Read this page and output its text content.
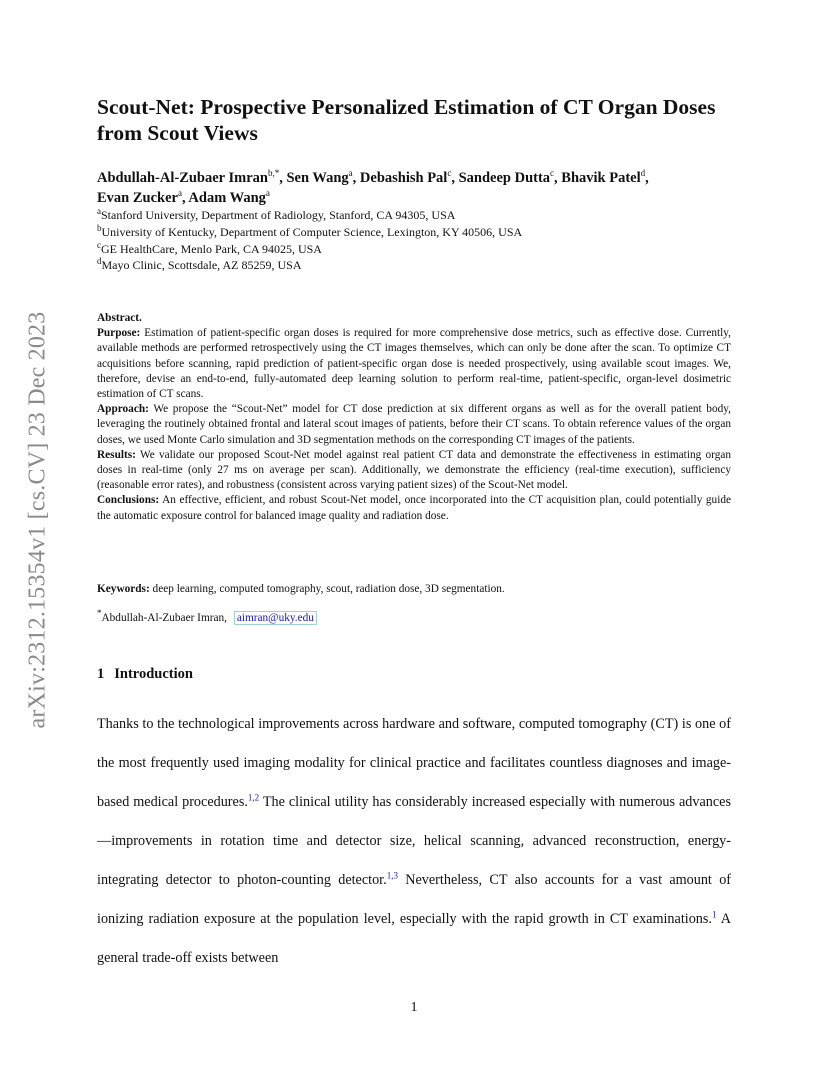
arXiv:2312.15354v1 [cs.CV] 23 Dec 2023
Scout-Net: Prospective Personalized Estimation of CT Organ Doses from Scout Views
Abdullah-Al-Zubaer Imran$^{b,*}$, Sen Wang$^a$, Debashish Pal$^c$, Sandeep Dutta$^c$, Bhavik Patel$^d$,
Evan Zucker$^a$, Adam Wang$^a$
$^a$Stanford University, Department of Radiology, Stanford, CA 94305, USA
$^b$University of Kentucky, Department of Computer Science, Lexington, KY 40506, USA
$^c$GE HealthCare, Menlo Park, CA 94025, USA
$^d$Mayo Clinic, Scottsdale, AZ 85259, USA

Abstract.

Purpose: Estimation of patient-specific organ doses is required for more comprehensive dose metrics, such as effective dose. Currently, available methods are performed retrospectively using the CT images themselves, which can only be done after the scan. To optimize CT acquisitions before scanning, rapid prediction of patient-specific organ dose is needed prospectively, using available scout images. We, therefore, devise an end-to-end, fully-automated deep learning solution to perform real-time, patient-specific, organ-level dosimetric estimation of CT scans.

Approach: We propose the “Scout-Net” model for CT dose prediction at six different organs as well as for the overall patient body, leveraging the routinely obtained frontal and lateral scout images of patients, before their CT scans. To obtain reference values of the organ doses, we used Monte Carlo simulation and 3D segmentation methods on the corresponding CT images of the patients.

Results: We validate our proposed Scout-Net model against real patient CT data and demonstrate the effectiveness in estimating organ doses in real-time (only 27 ms on average per scan). Additionally, we demonstrate the efficiency (real-time execution), sufficiency (reasonable error rates), and robustness (consistent across varying patient sizes) of the Scout-Net model.

Conclusions: An effective, efficient, and robust Scout-Net model, once incorporated into the CT acquisition plan, could potentially guide the automatic exposure control for balanced image quality and radiation dose.

Keywords: deep learning, computed tomography, scout, radiation dose, 3D segmentation.
*Abdullah-Al-Zubaer Imran, aimran@uky.edu
1 Introduction

Thanks to the technological improvements across hardware and software, computed tomography (CT) is one of the most frequently used imaging modality for clinical practice and facilitates countless diagnoses and image-based medical procedures.$^{1,2}$ The clinical utility has considerably increased especially with numerous advances—improvements in rotation time and detector size, helical scanning, advanced reconstruction, energy-integrating detector to photon-counting detector.$^{1,3}$ Nevertheless, CT also accounts for a vast amount of ionizing radiation exposure at the population level, especially with the rapid growth in CT examinations.$^1$ A general trade-off exists between

1
